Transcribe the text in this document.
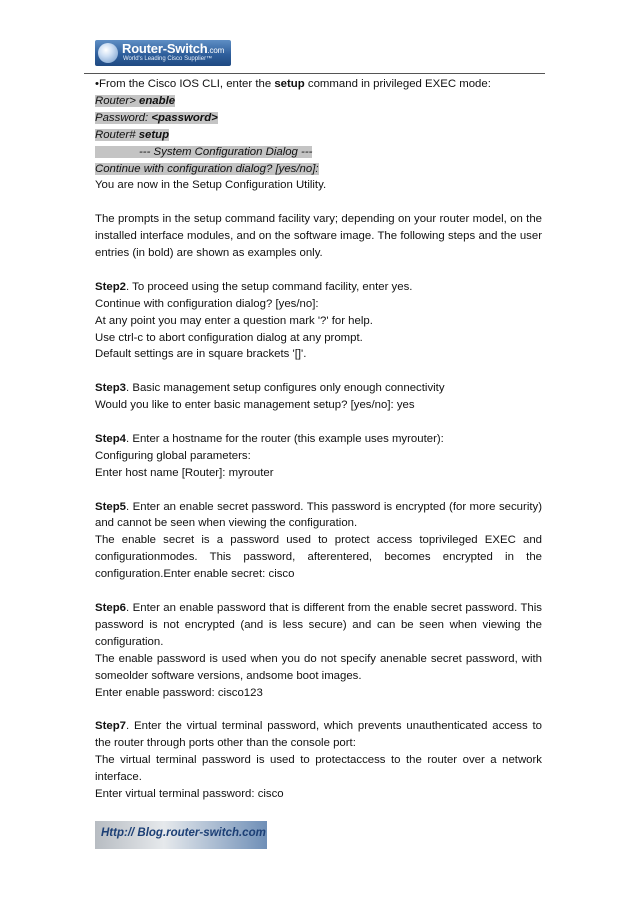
Router-Switch.com
World's Leading Cisco Supplier™
•From the Cisco IOS CLI, enter the setup command in privileged EXEC mode:
Router> enable
Password: <password>
Router# setup
--- System Configuration Dialog ---
Continue with configuration dialog? [yes/no]:
You are now in the Setup Configuration Utility.
The prompts in the setup command facility vary; depending on your router model, on the installed interface modules, and on the software image. The following steps and the user entries (in bold) are shown as examples only.
Step2. To proceed using the setup command facility, enter yes.
Continue with configuration dialog? [yes/no]:
At any point you may enter a question mark '?' for help.
Use ctrl-c to abort configuration dialog at any prompt.
Default settings are in square brackets '[]'.
Step3. Basic management setup configures only enough connectivity
Would you like to enter basic management setup? [yes/no]: yes
Step4. Enter a hostname for the router (this example uses myrouter):
Configuring global parameters:
Enter host name [Router]: myrouter
Step5. Enter an enable secret password. This password is encrypted (for more security) and cannot be seen when viewing the configuration.
The enable secret is a password used to protect access toprivileged EXEC and configurationmodes. This password, afterentered, becomes encrypted in the configuration.Enter enable secret: cisco
Step6. Enter an enable password that is different from the enable secret password. This password is not encrypted (and is less secure) and can be seen when viewing the configuration.
The enable password is used when you do not specify anenable secret password, with someolder software versions, andsome boot images.
Enter enable password: cisco123
Step7. Enter the virtual terminal password, which prevents unauthenticated access to the router through ports other than the console port:
The virtual terminal password is used to protectaccess to the router over a network interface.
Enter virtual terminal password: cisco
Http:// Blog.router-switch.com
